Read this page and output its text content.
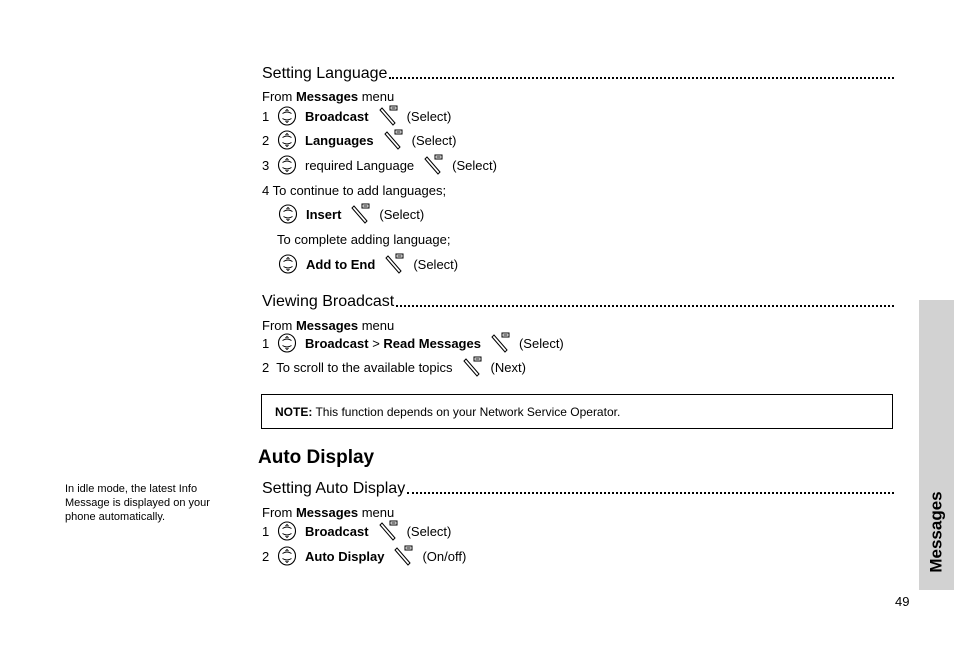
Setting Language
From Messages menu
1	Broadcast	(Select)
2	Languages	(Select)
3	required Language	(Select)
4 To continue to add languages;
Insert	(Select)
To complete adding language;
Add to End	(Select)
Viewing Broadcast
From Messages menu
1	Broadcast > Read Messages	(Select)
2  To scroll to the available topics	(Next)
NOTE: This function depends on your Network Service Operator.
Auto Display
In idle mode, the latest Info Message is displayed on your phone automatically.
Setting Auto Display
From Messages menu
1	Broadcast	(Select)
2	Auto Display	(On/off)	Messages
49
